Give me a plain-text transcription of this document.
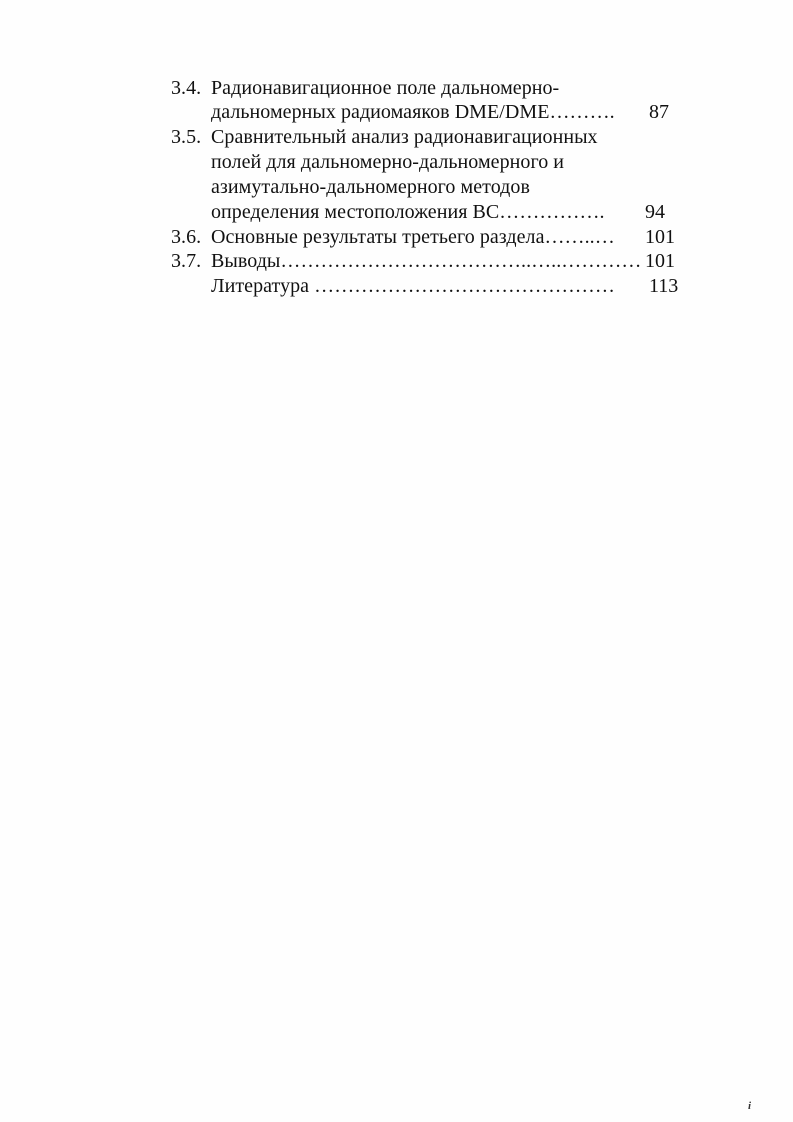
3.4. Радионавигационное поле дальномерно-
дальномерных радиомаяков DME/DME………. 87
3.5. Сравнительный анализ радионавигационных
полей для дальномерно-дальномерного и
азимутально-дальномерного методов
определения местоположения ВС……………. 94
3.6. Основные результаты третьего раздела……..… 101
3.7. Выводы………………………………..…..………… 101
Литература ……………………………………… 113
i
